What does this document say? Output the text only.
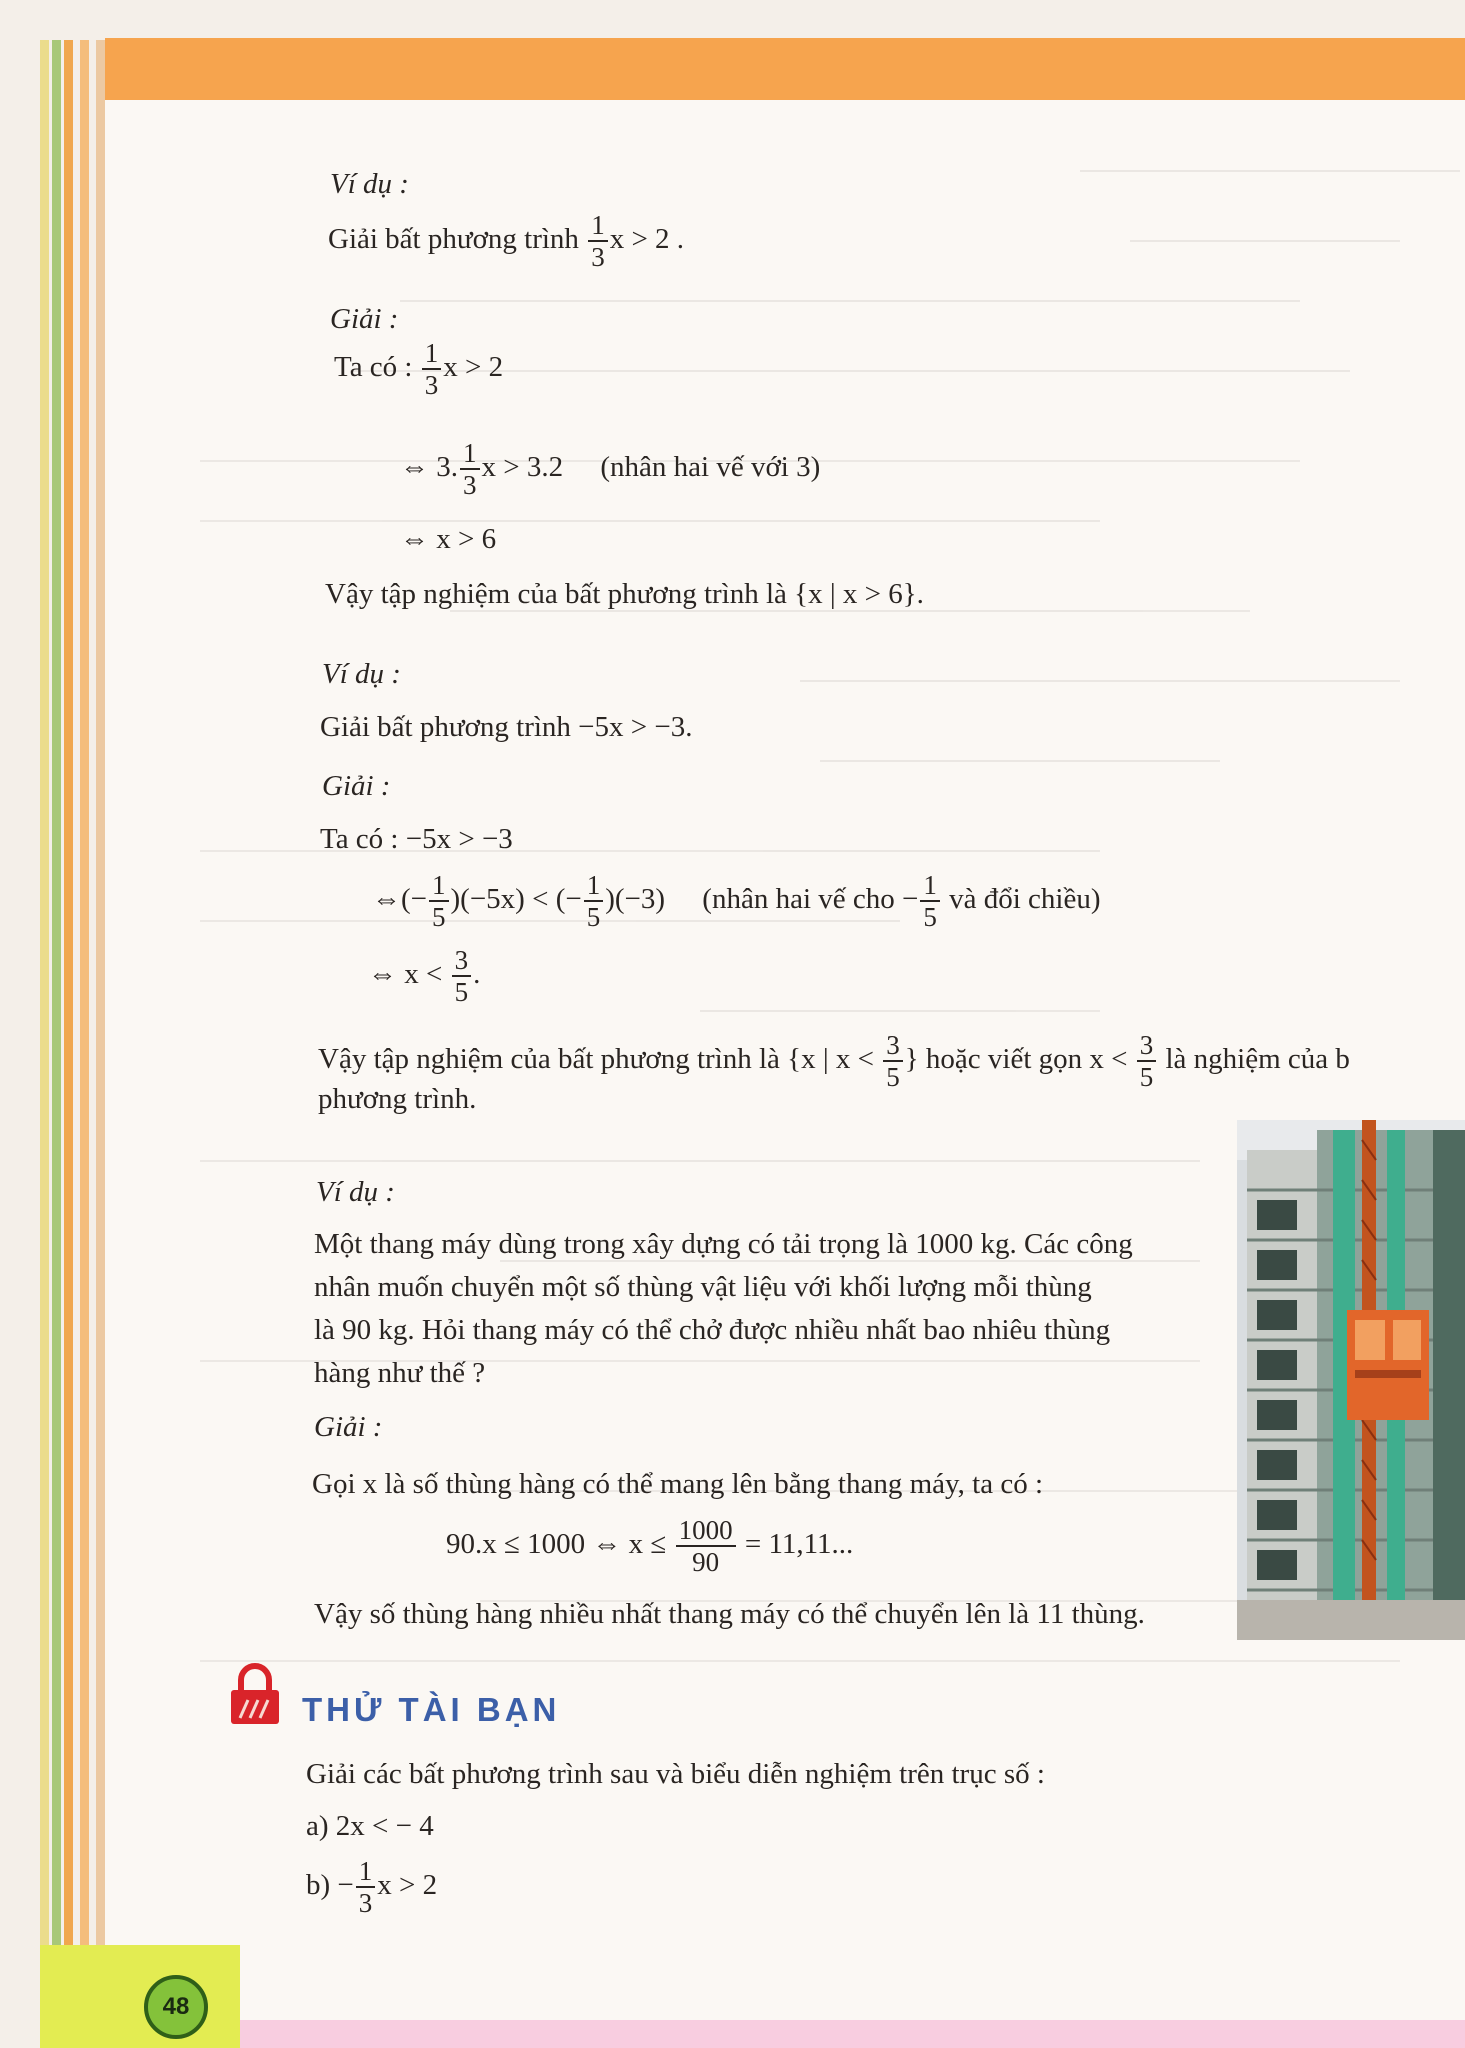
Ví dụ :
Giải bất phương trình $\frac{1}{3}$ x > 2 .
Giải :
Ta có : $\frac{1}{3}$ x > 2
⇔ 3. $\frac{1}{3}$ x > 3.2 (nhân hai vế với 3)
⇔ x > 6
Vậy tập nghiệm của bất phương trình là {x | x > 6}.
Ví dụ :
Giải bất phương trình −5x > −3.
Giải :
Ta có : −5x > −3
⇔(− $\frac{1}{5} )(-5x)$ < (− $\frac{1}{5} )(-3)$ (nhân hai vế cho − $\frac{1}{5}$ và đổi chiều)
⇔ $x < \frac{3}{5}$ .
Vậy tập nghiệm của bất phương trình là {x | $x < \frac{3}{5}$ } hoặc viết gọn $x < \frac{3}{5}$ là nghiệm của b
phương trình.
Ví dụ :
Một thang máy dùng trong xây dựng có tải trọng là 1000 kg. Các công
nhân muốn chuyển một số thùng vật liệu với khối lượng mỗi thùng
là 90 kg. Hỏi thang máy có thể chở được nhiều nhất bao nhiêu thùng
hàng như thế ?
Giải :
Gọi x là số thùng hàng có thể mang lên bằng thang máy, ta có :
90.x ≤ 1000 ⇔ $x \le \frac{1000}{90} = 11,11$...
Vậy số thùng hàng nhiều nhất thang máy có thể chuyển lên là 11 thùng.
THỬ TÀI BẠN
Giải các bất phương trình sau và biểu diễn nghiệm trên trục số :
a) 2x < − 4
$b) - \frac{1}{3}$ x > 2
48
